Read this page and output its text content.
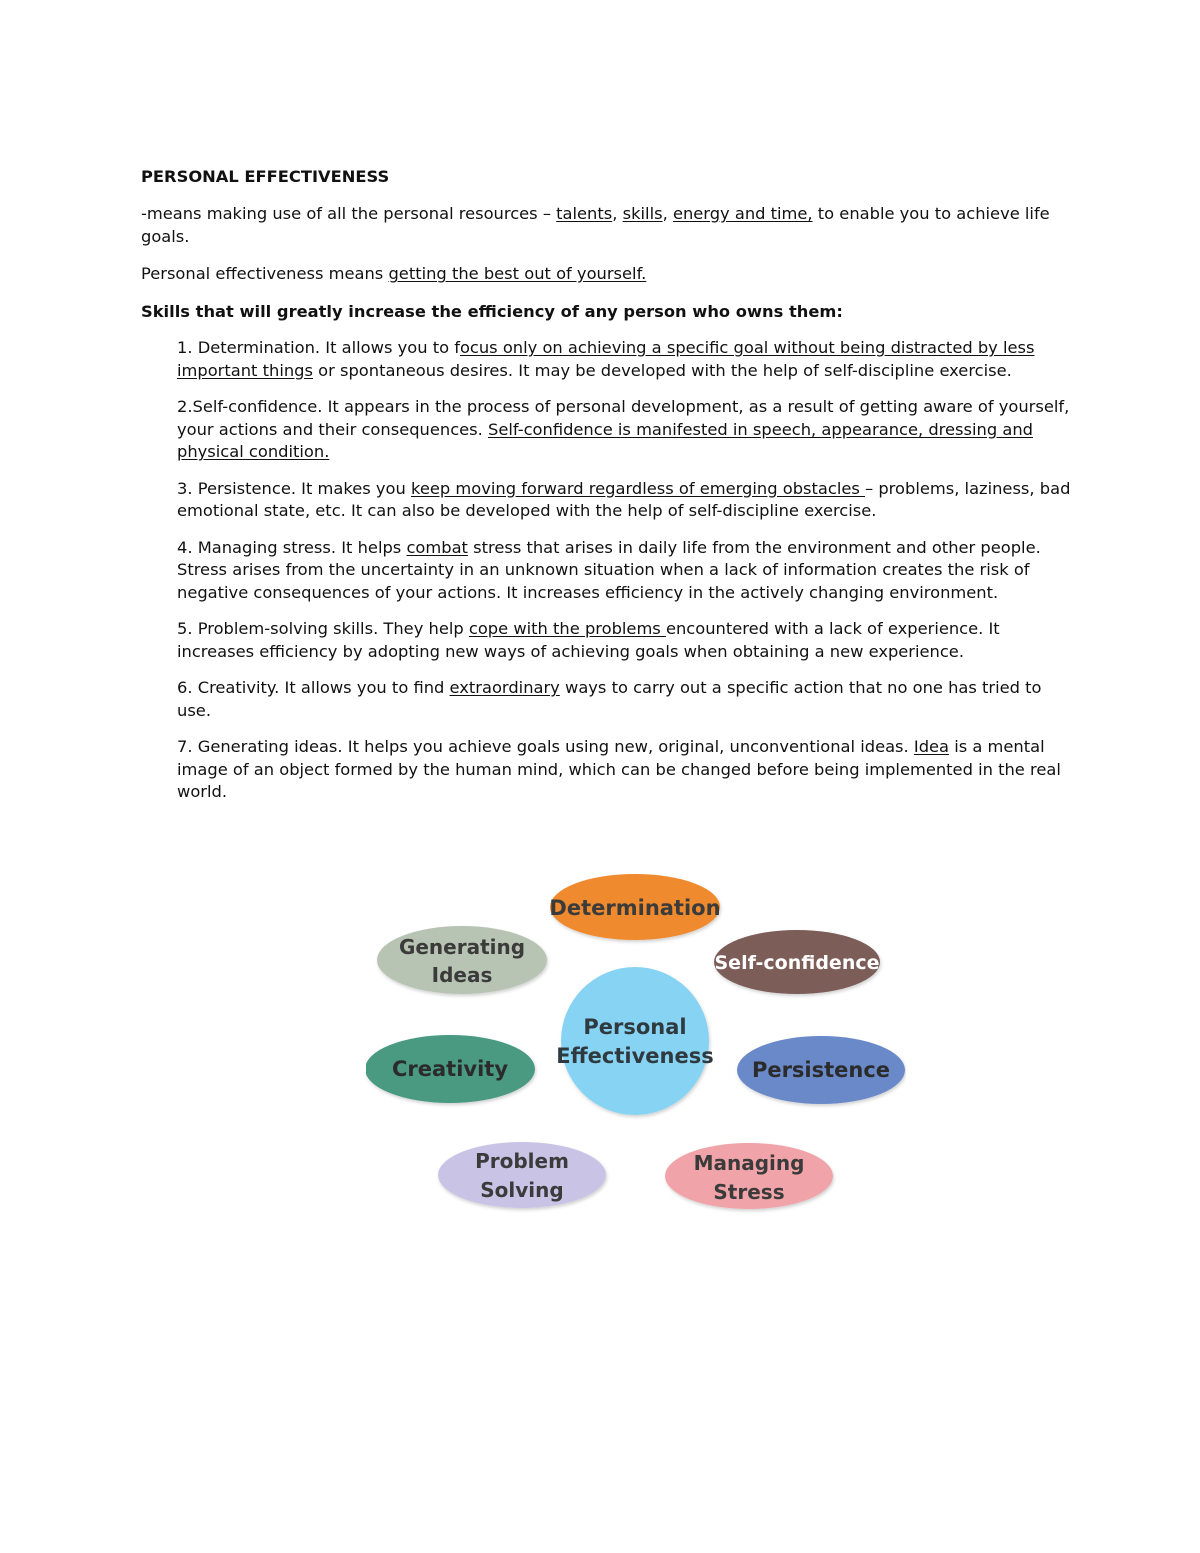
PERSONAL EFFECTIVENESS
-means making use of all the personal resources – talents, skills, energy and time, to enable you to achieve life goals.
Personal effectiveness means getting the best out of yourself.
Skills that will greatly increase the efficiency of any person who owns them:
1. Determination. It allows you to focus only on achieving a specific goal without being distracted by less important things or spontaneous desires. It may be developed with the help of self-discipline exercise.
2.Self-confidence. It appears in the process of personal development, as a result of getting aware of yourself, your actions and their consequences. Self-confidence is manifested in speech, appearance, dressing and physical condition.
3. Persistence. It makes you keep moving forward regardless of emerging obstacles – problems, laziness, bad emotional state, etc. It can also be developed with the help of self-discipline exercise.
4. Managing stress. It helps combat stress that arises in daily life from the environment and other people. Stress arises from the uncertainty in an unknown situation when a lack of information creates the risk of negative consequences of your actions. It increases efficiency in the actively changing environment.
5. Problem-solving skills. They help cope with the problems encountered with a lack of experience. It increases efficiency by adopting new ways of achieving goals when obtaining a new experience.
6. Creativity. It allows you to find extraordinary ways to carry out a specific action that no one has tried to use.
7. Generating ideas. It helps you achieve goals using new, original, unconventional ideas. Idea is a mental image of an object formed by the human mind, which can be changed before being implemented in the real world.
Determination
Self-confidence
Generating
Ideas
Personal
Effectiveness
Creativity	Persistence
Problem
Solving
Managing
Stress
